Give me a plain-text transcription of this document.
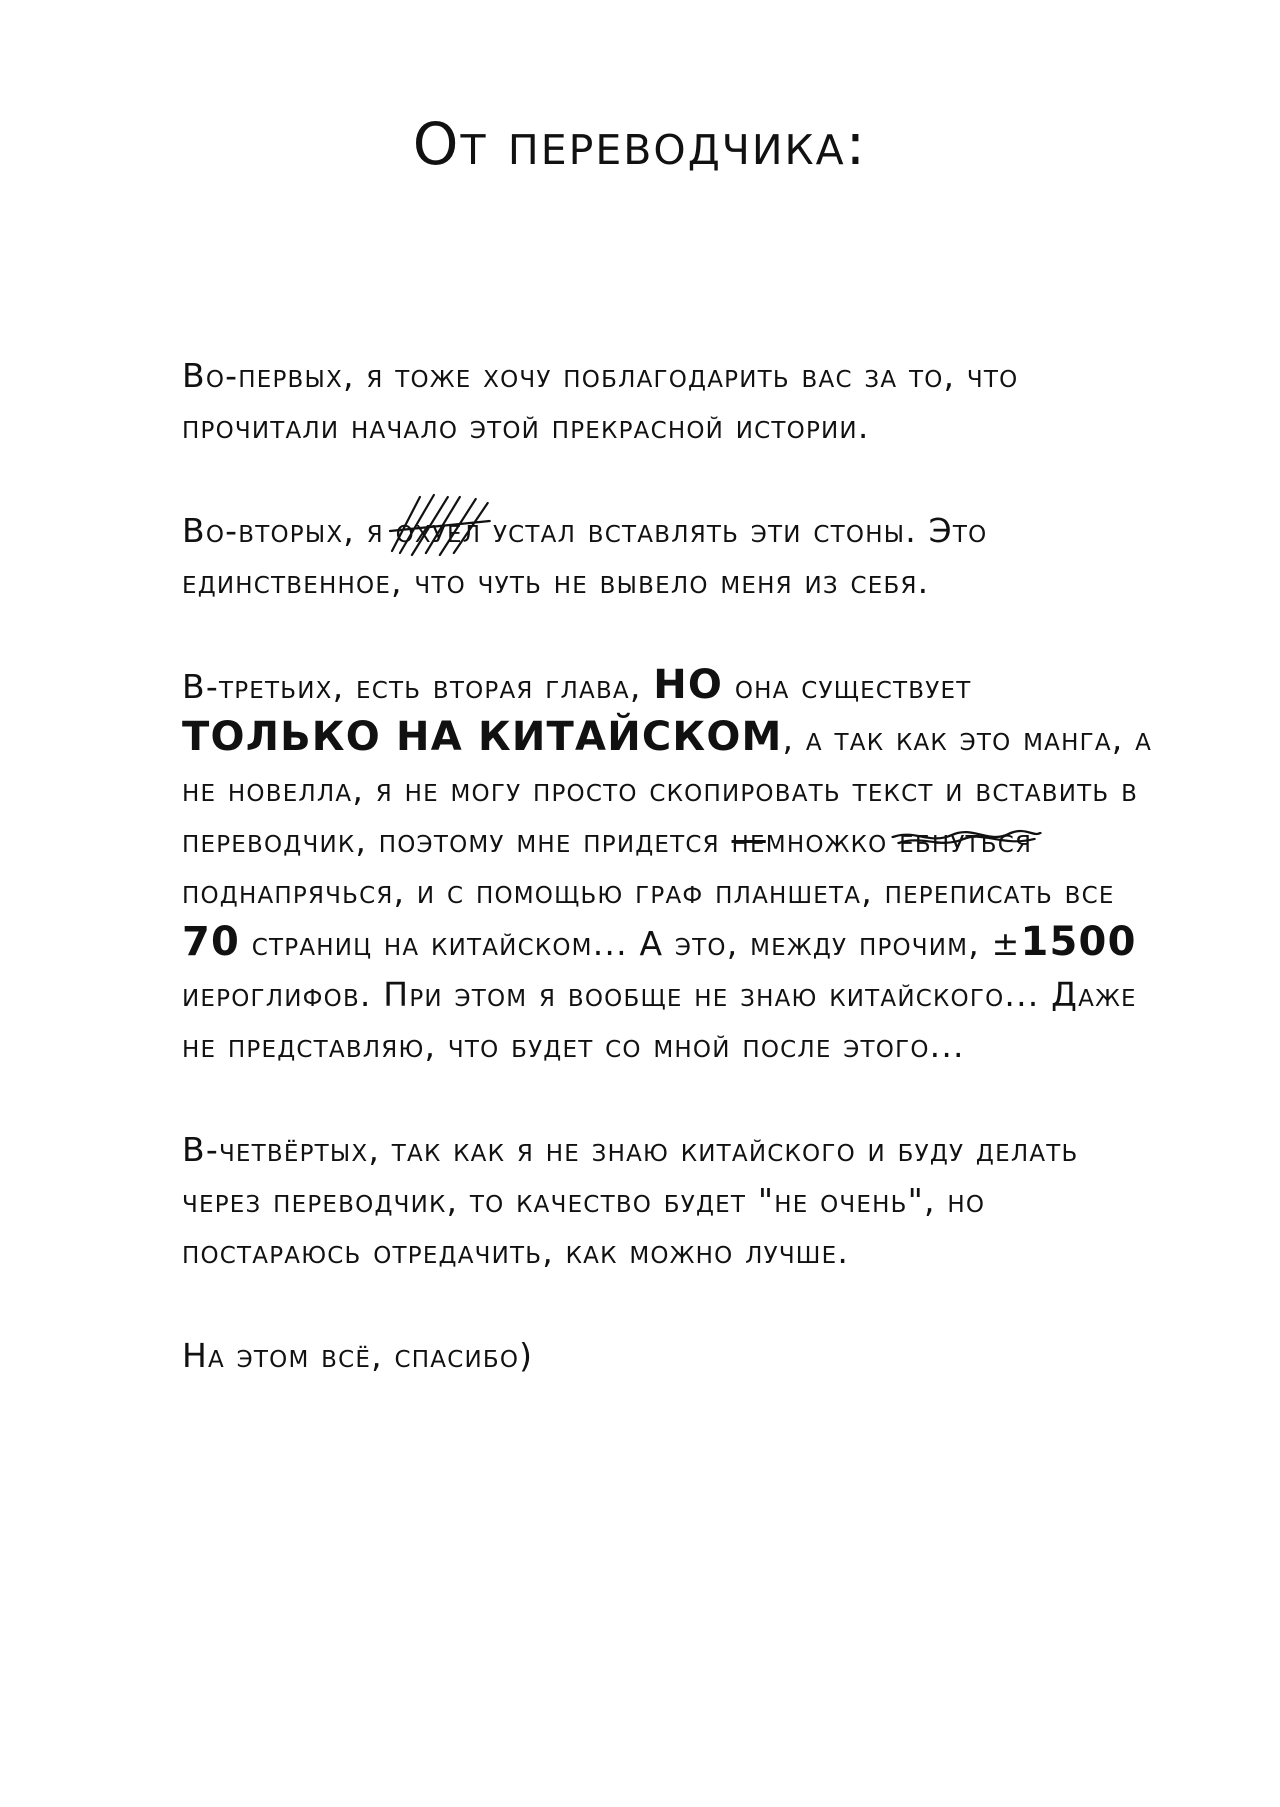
От переводчика:

Во-первых, я тоже хочу поблагодарить вас за то, что прочитали начало этой прекрасной истории.

Во-вторых, я охуел
устал вставлять эти стоны. Это единственное, что чуть не вывело меня из себя.

В-третьих, есть вторая глава, НО она существует ТОЛЬКО НА КИТАЙСКОМ, а так как это манга, а не новелла, я не могу просто скопировать текст и вставить в переводчик, поэтому мне придется немножко ебнуться
поднапрячься, и с помощью граф планшета, переписать все 70 страниц на китайском... А это, между прочим, ±1500 иероглифов. При этом я вообще не знаю китайского... Даже не представляю, что будет со мной после этого...

В-четвёртых, так как я не знаю китайского и буду делать через переводчик, то качество будет "не очень", но постараюсь отредачить, как можно лучше.

На этом всё, спасибо)
